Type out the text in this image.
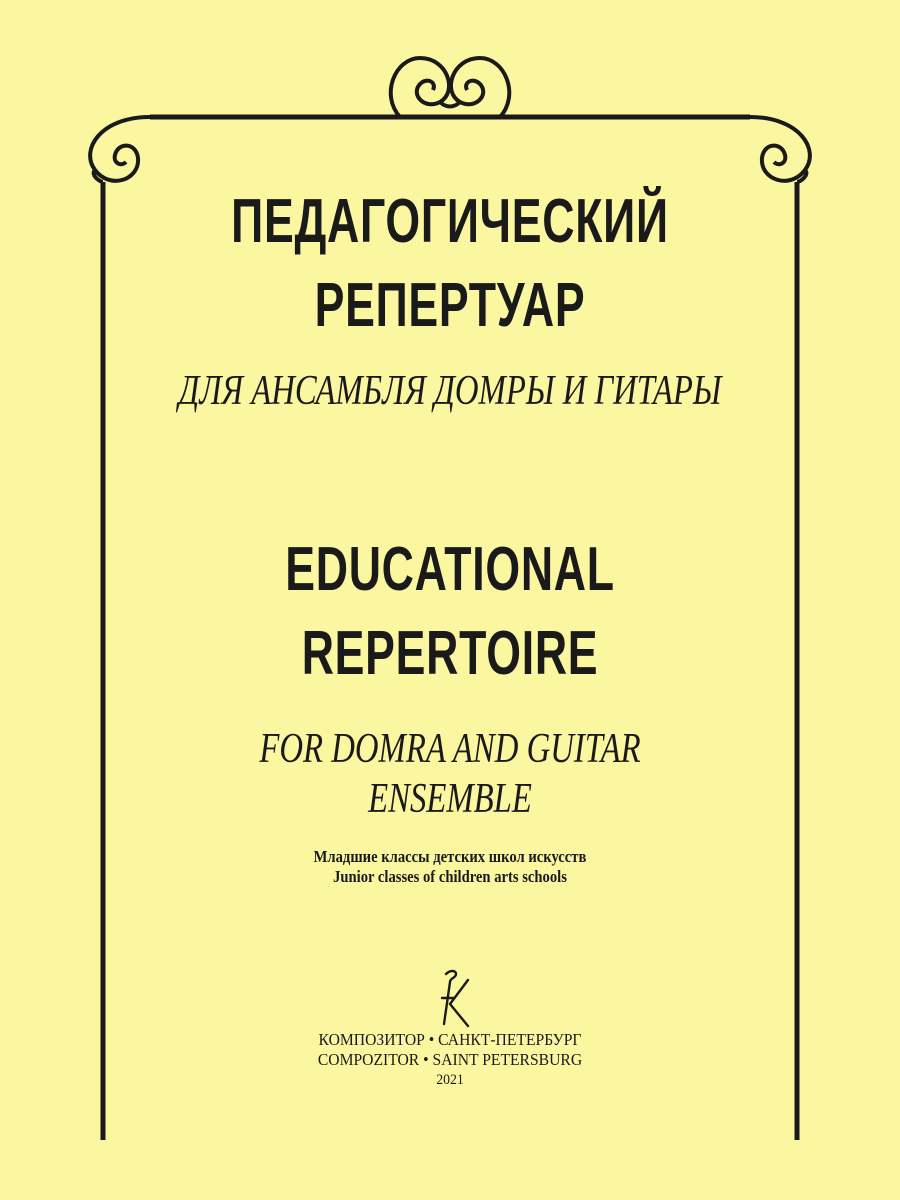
ПЕДАГОГИЧЕСКИЙ
РЕПЕРТУАР
ДЛЯ АНСАМБЛЯ ДОМРЫ И ГИТАРЫ
EDUCATIONAL
REPERTOIRE
FOR DOMRA AND GUITAR ENSEMBLE
Младшие классы детских школ искусств
Junior classes of children arts schools
КОМПОЗИТОР • САНКТ-ПЕТЕРБУРГ
COMPOZITOR • SAINT PETERSBURG
2021
